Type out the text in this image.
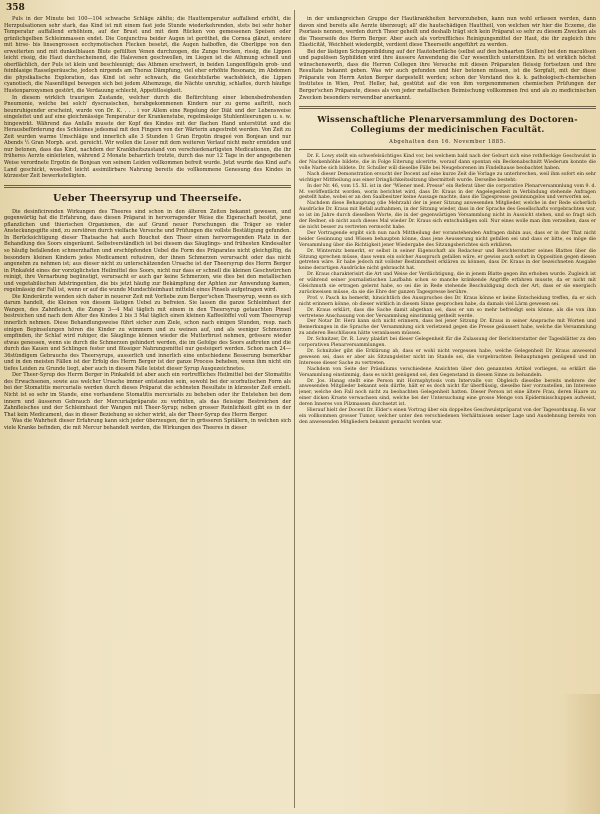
358

Puls in der Minute bei 100—104 schwache Schläge zählte; die Hauttemperatur auffallend erhöht, die Herzpulsationen sehr stark, das Kind ist mit einem fast jede Stunde wiederkehrenden, stets bei sehr hoher Temperatur auffallend erhöhtem, auf der Brust und mit dem Rücken von gemessenen Speisen oder grünlichgelben Schleimmassen endet. Die Conjunctiva beider Augen ist geröthet, die Cornea glänzt, erstere mit hirse- bis linsengrossen ecchymotischen Flecken besetzt, die Augen halboffen, die Oberlippe von den erweiterten und mit dunkelblauen Blute gefüllten Venen durchzogen, die Zunge trocken, rissig, die Lippen leicht rissig, die Haut durchscheinend, die Halsvenen geschwollen, im Liegen ist die Athmung schnell und oberflächlich, der Puls ist klein und beschleunigt; das Athmen erschwert, in beiden Lungenflügeln grob- und feinblasige Rasselgeräusche, jedoch nirgends am Thorax Dämpfung, viel eher erhöhte Resonanz, im Abdomen die physikalische Exploration, das Kind ist sehr schwach, die Gesichtsfarbe wachsbleich, die Lippen cyanotisch, die Nasenflügel bewegen sich bei jedem Athemzuge, die Nächte unruhig, schlaflos, durch häufige Hustenparoxysmen gestört, die Verdauung schlecht, Appetitlosigkeit.

In diesem wirklich traurigen Zustande, welcher durch die Befürchtung einer lebensbedrohenden Pneumonie, welche bei solch' dyscrasischen, herabgekommenen Kindern nur zu gerne auftritt, noch beunruhigender erscheint, wurde von Dr. K. . . . i vor Allem eine Regelung der Diät und der Lebensweise eingeleitet und auf eine gleichmässige Temperatur der Krankenstube, regelmässige Stuhlentleerungen u. s. w. hingewirkt. Während das Anfalls musste der Kopf des Kindes mit der flachen Hand unterstützt und die Herausbeförderung des Schleimes jedesmal mit den Fingern von der Wärterin angestrebt werden. Von Zeit zu Zeit wurden warme Umschläge und innerlich alle 3 Stunden 1 Gran Ergotin drageé von Bonjean und nur Abends ½ Gran Morph. acet. gereicht. Wir wollen die Leser mit dem weiteren Verlauf nicht mehr ermüden und nur betonen, dass das Kind, nachdem der Krankheitszustand von verschiedenartigsten Medicationen, die ihr früheres Aerzte einleiteten, während 2 Monate beharrlich trotzte, durch das nur 12 Tage in der angegebenen Weise verordnete Ergotin de Bonjean von seinem Leiden vollkommen befreit wurde. Jetzt wurde das Kind auf's Land geschickt, woselbst leicht assimilirbare Nahrung bereits die vollkommene Genesung des Kindes in kürzester Zeit bewerkstelligten.

Ueber Theersyrup und Theerseife.

Die desinficirenden Wirkungen des Theeres sind schon in den älteren Zeiten bekannt gewesen, und gegenwärtig hat die Erfahrung, dass diesen Präparat in hervorragender Weise die Eigenschaft besitzt, jene pflanzlichen und thierischen Organismen, die auf Grund neuer Forschungen die Träger so vieler Ansteckungsgifte sind, zu zerstören durch vielfache Versuche und Prüfungen die vollste Bestätigung gefunden. In Berücksichtigung dieser Thatsache hat auch Bouchut den Theer einen hervorragenden Platz in der Behandlung des Soors eingeräumt. Selbstverständlich ist bei diesem das Säuglings- und frühesten Kindesalter so häufig befallenden schmerzhaften und erschöpfenden Uebel die Form des Präparates nicht gleichgiltig, da besonders kleinen Kindern jedes Medicament refusiren, der ihnen Schmerzen verursacht oder das nicht angenehm zu nehmen ist; aus dieser nicht zu unterschätzenden Ursache ist der Theersyrup des Herrn Berger in Pinkafeld eines der vorzüglichsten Heilmittel des Soors, nicht nur dass er schnell die kleinen Geschwürchen reinigt, ihre Vernarbung begünstigt, verursacht er auch gar keine Schmerzen, wie dies bei den metallischen und vegetabilischen Adstringentien, die bis jetzt häufig zur Bekämpfung der Aphten zur Anwendung kamen, regelmässig der Fall ist, wenn er auf die wunde Mundschleimhaut mittelst eines Pinsels aufgetragen wird.

Die Kinderärzte wenden sich daher in neuerer Zeit mit Vorliebe zum Berger'schen Theersyrup, wenn es sich darum handelt, die Kleinen von diesem lästigen Uebel zu befreien. Sie lassen die ganze Schleimhaut der Wangen, des Zahnfleisch, die Zunge 3—4 Mal täglich mit einem in den Theersyrup getauchten Pinsel bestreichen und nach dem Alter des Kindes 2 bis 3 Mal täglich einen kleinen Kaffeelöffel voll vom Theersyrup innerlich nehmen. Diese Behandlungsweise führt sicher zum Ziele, schon nach einigen Stunden, resp. nach einigen Bepinselungen hören die Kinder zu wimmern und zu weinen auf, und als weniger Schmerzen empfinden, ihr Schlaf wird ruhiger, die Säuglinge können wieder die Mutterbrust nehmen, grössere wieder etwas genessen, wenn sie durch die Schmerzen gehindert werden, die im Gefolge des Soors auftreten und die durch das Kauen und Schlingen fester und flüssiger Nahrungsmittel nur gesteigert werden. Schon nach 24—36stündigem Gebrauchs des Theersyrups, ausserlich und innerlich eine entschiedene Besserung bemerkbar und in den meisten Fällen ist der Erfolg des Herrn Berger ist der ganze Process beheben, wenn ihm nicht ein tiefes Leiden zu Grunde liegt, aber auch in diesem Falle leistet dieser Syrup Ausgezeichnetes.

Der Theer-Syrup des Herrn Berger in Pinkafeld ist aber auch ein vortreffliches Heilmittel bei der Stomatitis des Erwachsenen, sowie aus welcher Ursache immer entstanden sein, sowohl bei der scorbutischen Form als bei der Stomatitis mercurialis werden durch dieses Präparat die schönsten Resultate in kürzester Zeit erzielt. Nicht ist so sehr im Stande, eine vorhandene Stomatitis mercurialis zu beheben oder ihr Entstehen bei dem innern und äusseren Gebrauch der Mercurialpräparate zu verhüten, als das fleissige Bestreichen der Zahnfleisches und der Schleimhaut der Wangen mit Theer-Syrup; neben grosser Reinlichkeit gibt es in der That kein Medicament, das in dieser Beziehung so sicher wirkt, als der Theer-Syrup des Herrn Berger.

Was die Wahrheit dieser Erfahrung kann sich jeder überzeugen, der in grösseren Spitälern, in welchen sich viele Kranke befinden, die mit Mercur behandelt werden, die Wirkungen des Theeres in dieser

in der umfangreichen Gruppe der Hautkrankheiten hervorzuheben, kann nun wohl erfassen werden, dann davon sind bereits alle Aerzte überzeugt; all' die hautschädigen Hauttheil, von welchen wir hier die Eczeme, die Psoriasis nennen, werden durch Theer geheilt und deshalb trägt sich kein Präparat so sehr zu diesem Zwecken als die Theerseife des Herrn Berger. Aber auch als vortreffliches Reinigungsmittel der Haut, die ihr zugleich ihre Elasticität, Weichheit wiedergibt, verdient diese Theerseife angeführt zu werden.

Bei der lästigen Schuppenbildung auf der Hautoberfläche (selbst auf den behaarten Stellen) bei den maculösen und papulösen Syphiliden wird ihre äussere Anwendung die Cur wesentlich unterstützen. Es ist wirklich höchst wünschenswerth, dass die Herren Collegen ihre Versuche mit diesen Präparaten fleissig fortsetzen und ihre Resultate bekannt geben. Was wir auch gefunden und hier betonen müssen, ist die Sorgfalt, mit der diese Präparate von Herrn Anton Berger dargestellt werden; schon der Vorstand des k. k. pathologisch-chemischen Institutes in Wien, Prof. Heller, hat, gestützt auf die von ihm vorgenommenen chemischen Prüfungen der Berger'schen Präparate, dieses als von jeder metallischen Beimischung vollkommen frei und als zu medicinischen Zwecken besonders verwendbar anerkannt.

Wissenschaftliche Plenarversammlung des Doctoren-Collegiums der medicinischen Facultät.
Abgehalten den 16. November 1885.

Dr. E. Lowy stellt ein schwefelsüchtiges Kind vor, bei welchem bald nach der Geburt sich eine rothfleckige Geschwulst in der Nackenhöhle bildete, die in Folge Eiterung ulcerirte, worauf dann spontan ein Beckenabschnitt Wiederum konnte die volle Narbe sich bildete. Dr. Schuller will dieselbe Fälle bei Neugeborenen im Findelhause beobachtet haben.

Nach dieser Demonstration ersucht der Docent auf eine kurze Zeit die Vorlage zu unterbrechen, weil ihm sofort ein sehr wichtiger Mittheilung aus einer Dringlichkeitssitzung übermittelt wurde. Derselbe besteht:

In der Nr. 46, vom 15. XI. ist in der "Wiener med. Presse" ein Referat über die corporative Plenarversammlung vom 9. d. M. veröffentlicht worden, worin berichtet wird, dass Dr. Kraus in der Angelegenheit in Verbindung stehende Anfragen gestellt habe, wobei er an den Saalbesitzer keine Aussage machte, dass die Tagespresse gesinnungslos und verworfen sei.

Nachdem diese Behauptung (die Mehrzahl der in jener Sitzung anwesenden Mitglieder, welche in der Rede sicherlich Ausdrücke Dr. Kraus mit Befall aufnahmen, in der Sitzung wieder, dass in der Sprache des Gesellschafts vorgebrachten war, so ist im Jahre durch dieselben Worte, die in der gegenwärtigen Versammlung nicht in Aussicht stehen, und so fragt sich der Redner, ob nicht auch dieses Mal wieder Dr. Kraus sich entschuldigen soll. Nur eines wolle man ihm verzeihen, dass er sie nicht besser zu vertreten vermocht habe.

Der Vortragende ergibt sich nun nach Mittheilung der voranstehenden Anfragen dahin aus, dass er in der That nicht beider Gesinnung und Wissen behaupten könne, dass jene Aeusserung nicht gefallen sei und dass er bitte, es möge die Versammlung über die Richtigkeit jener Wiedergabe des Sitzungsberichtes sich erklären.

Dr. Winternitz bemerkt, er selbst in seiner Eigenschaft als Redacteur und Berichterstatter seines Blattes über die Sitzung sprechen müsse, dass wenn ein solcher Ausspruch gefallen wäre, er gewiss auch sofort in Opposition gegen diesen getreten wäre. Er habe jedoch mit vollster Bestimmtheit erklären zu können, dass Dr. Kraus in der bezeichneten Ausgabe keine derartigen Ausdrücke nicht gebraucht hat.

Dr. Kraus charakterisirt die Art und Weise der Verdächtigung, die in jenem Blatte gegen ihn erhoben wurde. Zugleich ist er während seiner journalistischen Laufbahn schon so manche kränkende Angriffe erfahren musste, da er nicht mit Gleichmuth sie ertragen gelernt habe, so sei die in Rede stehende Beschuldigung doch der Art, dass er sie energisch zurückweisen müsse, da sie die Ehre der ganzen Tagespresse berühre.

Prof. v. Pasch ka bemerkt, hinsichtlich des Ausspruches des Dr. Kraus könne er keine Entscheidung treffen, da er sich nicht erinnern könne, ob dieser wirklich in diesem Sinne gesprochen habe, da damals viel Lärm gewesen sei.

Dr. Kraus erklärt, dass die Sache damit abgethan sei, dass er um so mehr befriedigt sein könne, als die von ihm vertretene Anschauung von der Versammlung einstimmig getheilt werde.

Der Notar Dr. Herz kann sich nicht erinnern, dass bei jener Sitzung Dr. Kraus in seiner Ansprache mit Worten und Bemerkungen in die Sprache der Versammlung sich verletzend gegen die Presse geäussert habe, welche die Versammlung zu anderen Beschlüssen hätte veranlassen müssen.

Dr. Schnitzer, Dr. R. Lowy plaidirt bei dieser Gelegenheit für die Zulassung der Berichterstatter der Tagesblätter zu den corporativen Plenarversammlungen.

Dr. Schnitzler gibt die Erklärung ab, dass er wohl nicht vergessen habe, welche Gelegenheit Dr. Kraus anwesend gewesen sei, dass er aber als Sitzungsleiter nicht im Stande sei, die vorgebrachten Behauptungen genügend und im Interesse dieser Sache zu vertreten.

Nachdem von Seite der Präsidiums verschiedene Ansichten über den genannten Artikel vorliegen, so erklärt die Versammlung einstimmig, dass es nicht genügend sei, den Gegenstand in diesem Sinne zu behandeln.

Dr. Jos. Hanag stellt eine Person mit Hornsphytosis vom Intervalle vor. Obgleich dieselbe bereits mehrere der anwesenden Mitglieder bekannt sein dürfte, hält er es doch nicht für überflüssig, dieselbe hier vorzustellen, im Interesse jener, welche den Fall noch nicht zu beobachten Gelegenheit hatten. Dieser Person ist eine ältere Frau, deren Haare zu einer dicken Kruste verwachsen sind, welche bei der Untersuchung eine grosse Menge von Epidermisschuppen aufweist, deren Inneres von Pilzmassen durchsetzt ist.

Hierauf hielt der Docent Dr. Elder's einen Vortrag über ein doppeltes Geschwulstpräparat von der Tagesordnung. Es war ein vollkommen grosser Tumor, welcher unter den verschiedenen Verhältnissen seiner Lage und Ausdehnung bereits von den anwesenden Mitgliedern bekannt gemacht worden war.
